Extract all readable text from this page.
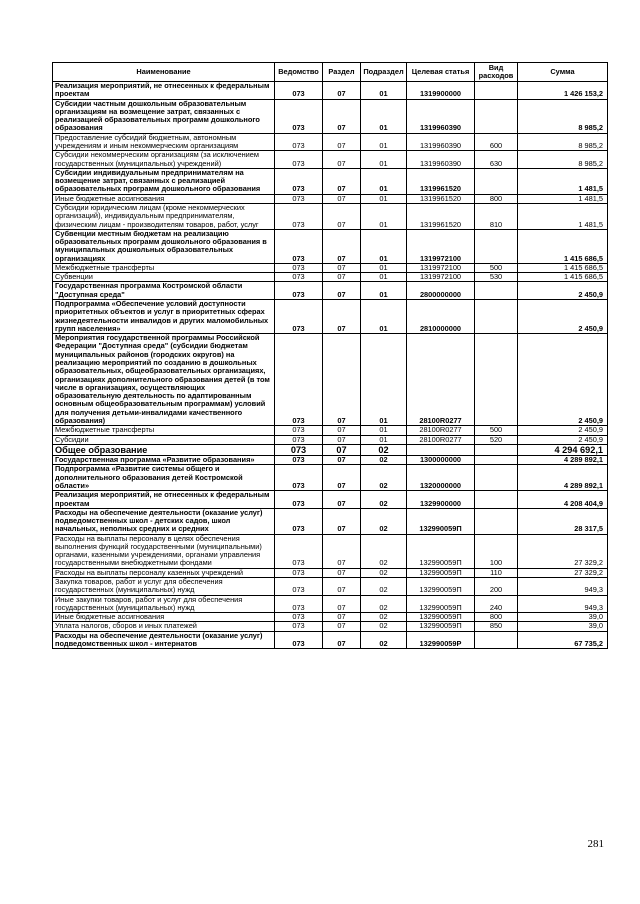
Наименование	Ведомство	Раздел	Подраздел	Целевая статья	Вид расходов	Сумма
Реализация мероприятий, не отнесенных к федеральным проектам	073	07	01	1319900000		1 426 153,2
Субсидии частным дошкольным образовательным организациям на возмещение затрат, связанных с реализацией образовательных программ дошкольного образования	073	07	01	1319960390		8 985,2
Предоставление субсидий бюджетным, автономным учреждениям и иным некоммерческим организациям	073	07	01	1319960390	600	8 985,2
Субсидии некоммерческим организациям (за исключением государственных (муниципальных) учреждений)	073	07	01	1319960390	630	8 985,2
Субсидии индивидуальным предпринимателям на возмещение затрат, связанных с реализацией образовательных программ дошкольного образования	073	07	01	1319961520		1 481,5
Иные бюджетные ассигнования	073	07	01	1319961520	800	1 481,5
Субсидии юридическим лицам (кроме некоммерческих организаций), индивидуальным предпринимателям, физическим лицам - производителям товаров, работ, услуг	073	07	01	1319961520	810	1 481,5
Субвенции местным бюджетам на реализацию образовательных программ дошкольного образования в муниципальных дошкольных образовательных организациях	073	07	01	1319972100		1 415 686,5
Межбюджетные трансферты	073	07	01	1319972100	500	1 415 686,5
Субвенции	073	07	01	1319972100	530	1 415 686,5
Государственная программа Костромской области "Доступная среда"	073	07	01	2800000000		2 450,9
Подпрограмма «Обеспечение условий доступности приоритетных объектов и услуг в приоритетных сферах жизнедеятельности инвалидов и других маломобильных групп населения»	073	07	01	2810000000		2 450,9
Мероприятия государственной программы Российской Федерации "Доступная среда" (субсидии бюджетам муниципальных районов (городских округов) на реализацию мероприятий по созданию в дошкольных образовательных, общеобразовательных организациях, организациях дополнительного образования детей (в том числе в организациях, осуществляющих образовательную деятельность по адаптированным основным общеобразовательным программам) условий для получения детьми-инвалидами качественного образования)	073	07	01	28100R0277		2 450,9
Межбюджетные трансферты	073	07	01	28100R0277	500	2 450,9
Субсидии	073	07	01	28100R0277	520	2 450,9
Общее образование	073	07	02			4 294 692,1
Государственная программа «Развитие образования»	073	07	02	1300000000		4 289 892,1
Подпрограмма «Развитие системы общего и дополнительного образования детей Костромской области»	073	07	02	1320000000		4 289 892,1
Реализация мероприятий, не отнесенных к федеральным проектам	073	07	02	1329900000		4 208 404,9
Расходы на обеспечение деятельности (оказание услуг) подведомственных школ - детских садов, школ начальных, неполных средних и средних	073	07	02	132990059П		28 317,5
Расходы на выплаты персоналу в целях обеспечения выполнения функций государственными (муниципальными) органами, казенными учреждениями, органами управления государственными внебюджетными фондами	073	07	02	132990059П	100	27 329,2
Расходы на выплаты персоналу казенных учреждений	073	07	02	132990059П	110	27 329,2
Закупка товаров, работ и услуг для обеспечения государственных (муниципальных) нужд	073	07	02	132990059П	200	949,3
Иные закупки товаров, работ и услуг для обеспечения государственных (муниципальных) нужд	073	07	02	132990059П	240	949,3
Иные бюджетные ассигнования	073	07	02	132990059П	800	39,0
Уплата налогов, сборов и иных платежей	073	07	02	132990059П	850	39,0
Расходы на обеспечение деятельности (оказание услуг) подведомственных школ - интернатов	073	07	02	132990059Р		67 735,2
281
